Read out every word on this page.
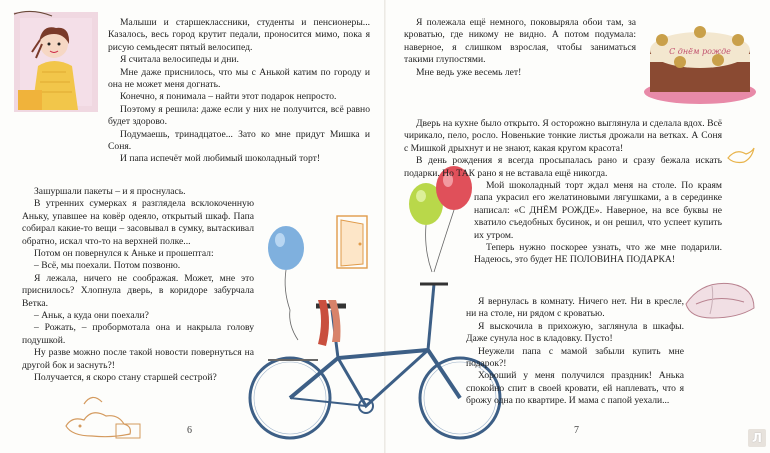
Малыши и старшеклассники, студенты и пенсионеры... Казалось, весь город крутит педали, проносится мимо, пока я рисую семьдесят пятый велосипед.

Я считала велосипеды и дни.

Мне даже приснилось, что мы с Анькой катим по городу и она не может меня догнать.

Конечно, я понимала – найти этот подарок непросто.

Поэтому я решила: даже если у них не получится, всё равно будет здорово.

Подумаешь, тринадцатое... Зато ко мне придут Мишка и Соня.

И папа испечёт мой любимый шоколадный торт!

Зашуршали пакеты – и я проснулась.

В утренних сумерках я разглядела всклокоченную Аньку, упавшее на ковёр одеяло, открытый шкаф. Папа собирал какие-то вещи – засовывал в сумку, вытаскивал обратно, искал что-то на верхней полке...

Потом он повернулся к Аньке и прошептал:

– Всё, мы поехали. Потом позвоню.

Я лежала, ничего не соображая. Может, мне это приснилось? Хлопнула дверь, в коридоре забурчала Ветка.

– Аньк, а куда они поехали?

– Рожать, – пробормотала она и накрыла голову подушкой.

Ну разве можно после такой новости повернуться на другой бок и заснуть?!

Получается, я скоро стану старшей сестрой?

6

Я полежала ещё немного, поковыряла обои там, за кроватью, где никому не видно. А потом подумала: наверное, я слишком взрослая, чтобы заниматься такими глупостями.

Мне ведь уже весемь лет!

С днём рожде

Дверь на кухне было открыто. Я осторожно выглянула и сделала вдох. Всё чирикало, пело, росло. Новенькие тонкие листья дрожали на ветках. А Соня с Мишкой дрыхнут и не знают, какая кругом красота!

В день рождения я всегда просыпалась рано и сразу бежала искать подарки. Но ТАК рано я не вставала ещё никогда.

Мой шоколадный торт ждал меня на столе. По краям папа украсил его желатиновыми лягушками, а в серединке написал: «С ДНЁМ РОЖДЕ». Наверное, на все буквы не хватило съедобных бусинок, и он решил, что успеет купить их утром.

Теперь нужно поскорее узнать, что же мне подарили. Надеюсь, это будет НЕ ПОЛОВИНА ПОДАРКА!

Я вернулась в комнату. Ничего нет. Ни в кресле, ни на столе, ни рядом с кроватью.

Я выскочила в прихожую, заглянула в шкафы. Даже сунула нос в кладовку. Пусто!

Неужели папа с мамой забыли купить мне подарок?!

Хороший у меня получился праздник! Анька спокойно спит в своей кровати, ей наплевать, что я брожу одна по квартире. И мама с папой уехали...

7
Л
